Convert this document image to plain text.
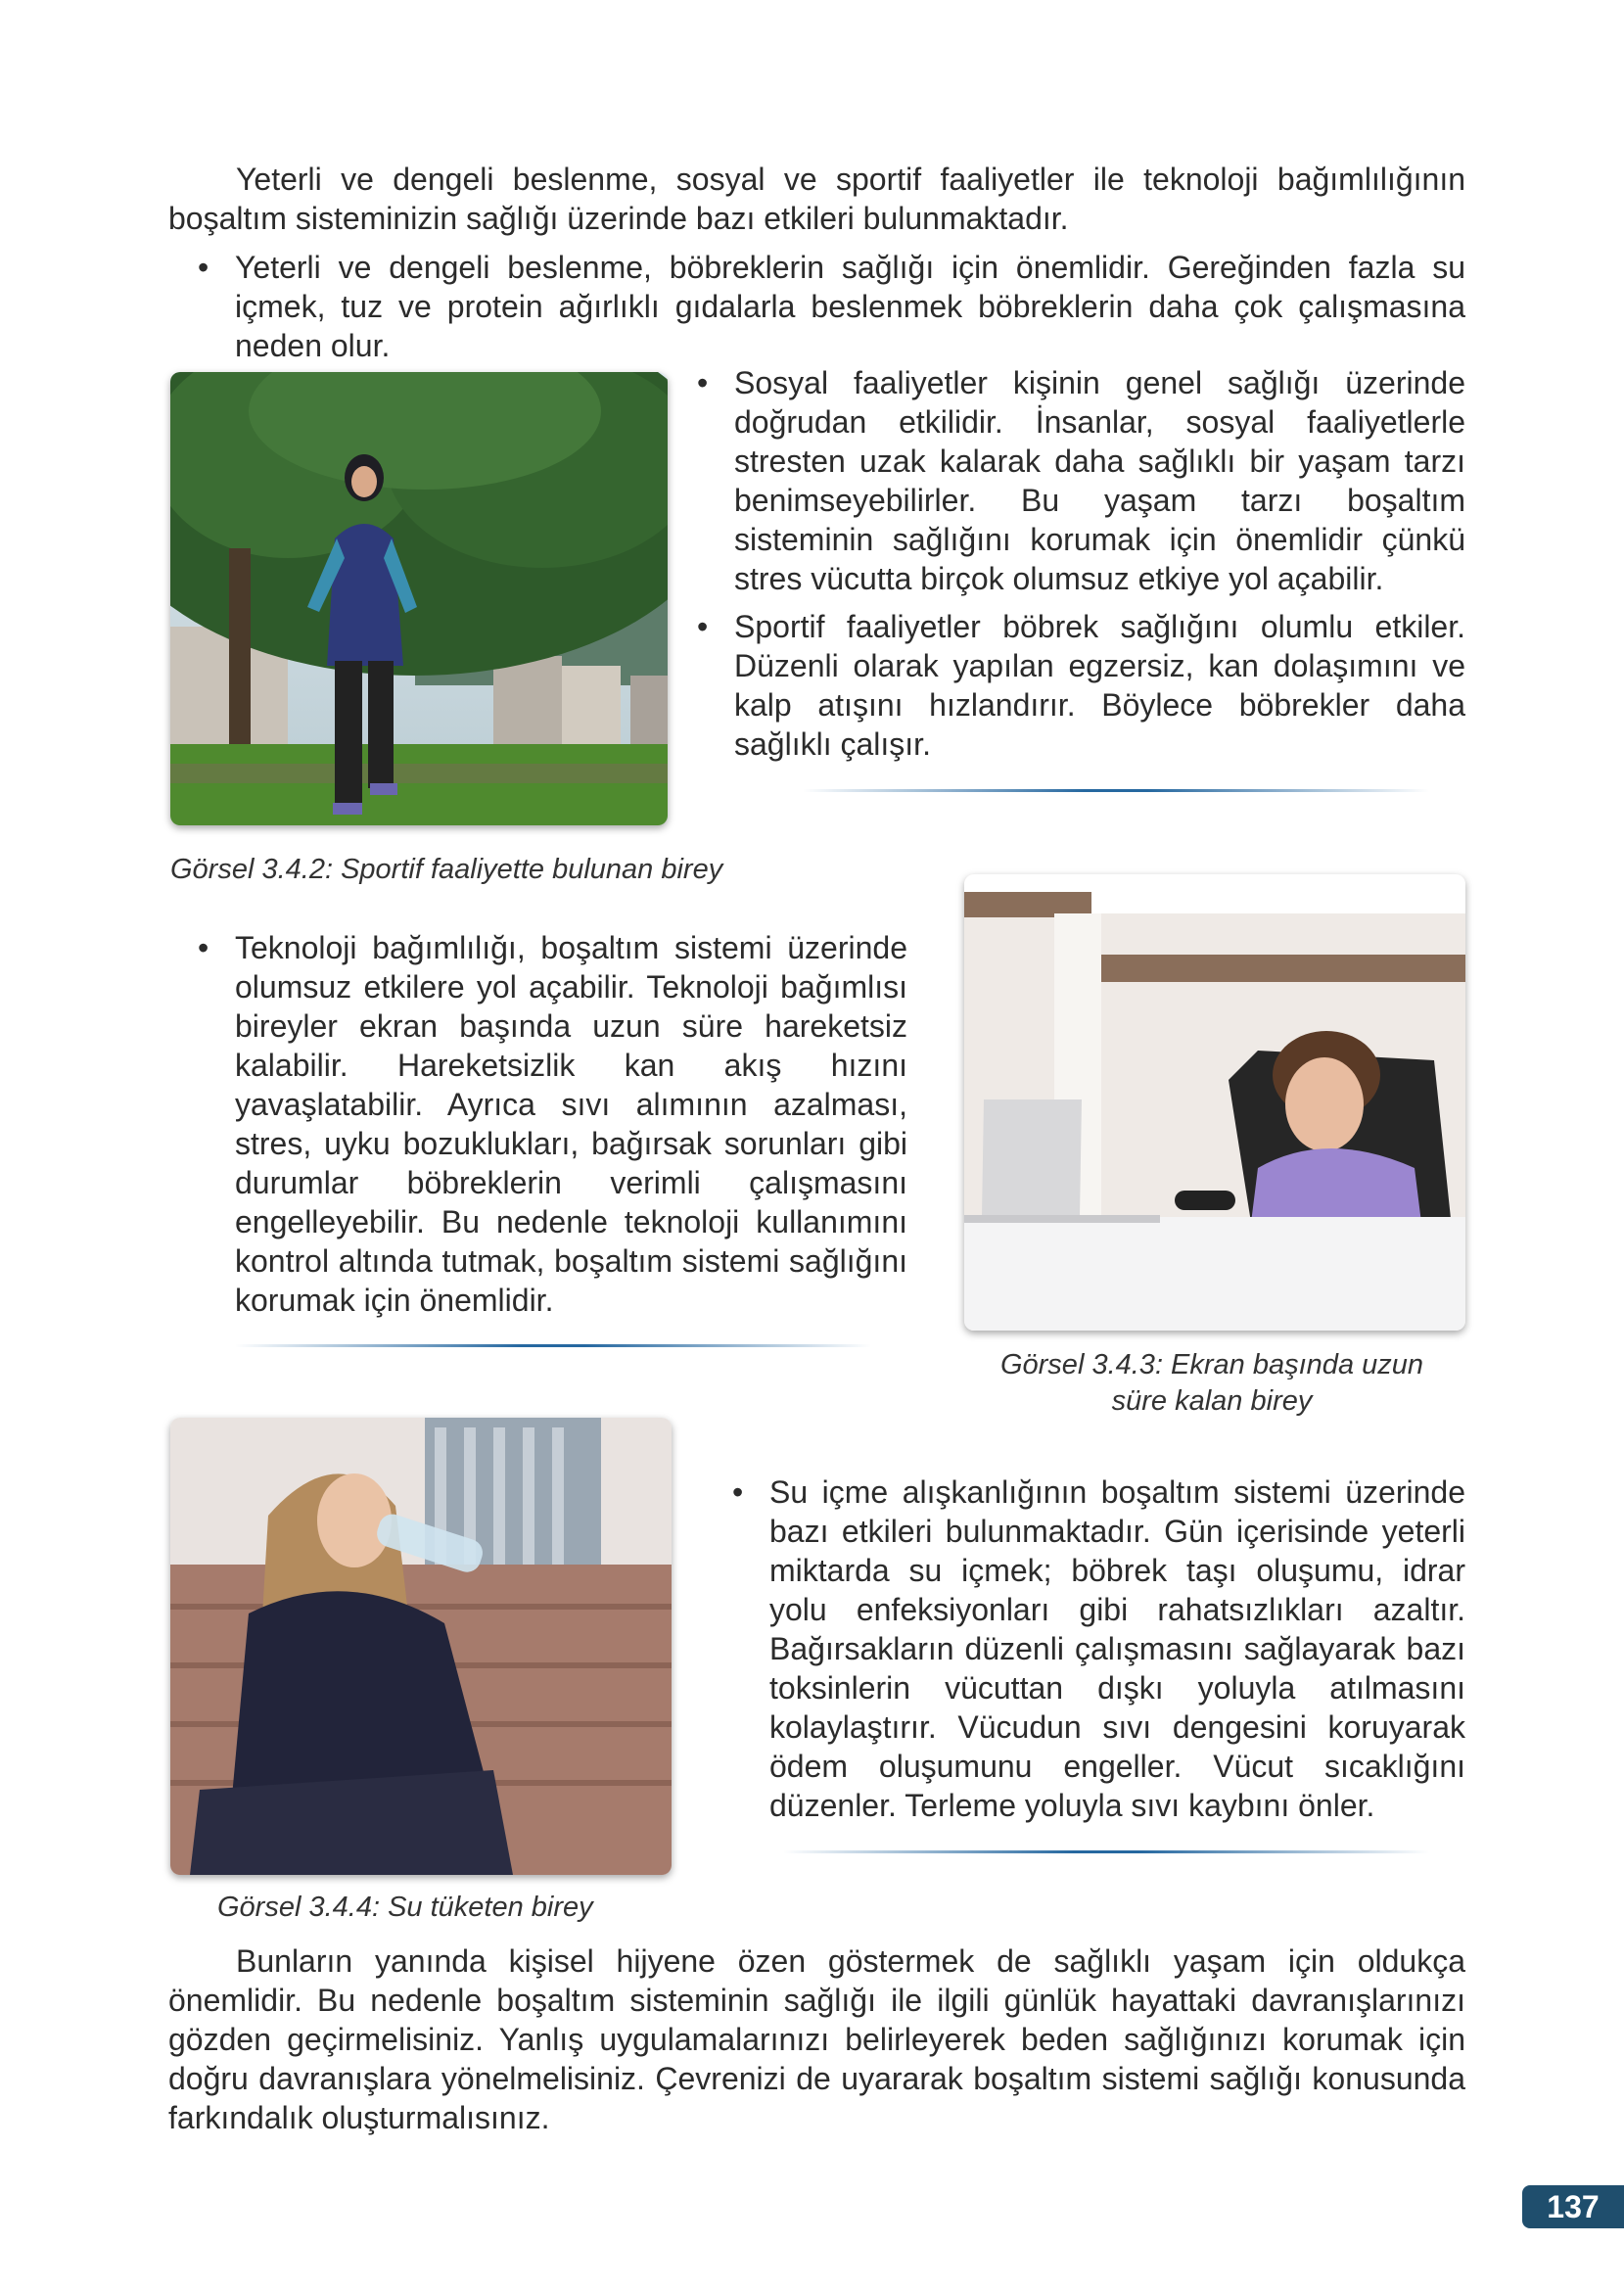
Yeterli ve dengeli beslenme, sosyal ve sportif faaliyetler ile teknoloji bağımlılığının boşaltım sisteminizin sağlığı üzerinde bazı etkileri bulunmaktadır.

• Yeterli ve dengeli beslenme, böbreklerin sağlığı için önemlidir. Gereğinden fazla su içmek, tuz ve protein ağırlıklı gıdalarla beslenmek böbreklerin daha çok çalışmasına neden olur.
• Sosyal faaliyetler kişinin genel sağlığı üzerinde doğrudan etkilidir. İnsanlar, sosyal faaliyetlerle stresten uzak kalarak daha sağlıklı bir yaşam tarzı benimseyebilirler. Bu yaşam tarzı boşaltım sisteminin sağlığını korumak için önemlidir çünkü stres vücutta birçok olumsuz etkiye yol açabilir.
• Sportif faaliyetler böbrek sağlığını olumlu etkiler. Düzenli olarak yapılan egzersiz, kan dolaşımını ve kalp atışını hızlandırır. Böylece böbrekler daha sağlıklı çalışır.

Görsel 3.4.2: Sportif faaliyette bulunan birey

• Teknoloji bağımlılığı, boşaltım sistemi üzerinde olumsuz etkilere yol açabilir. Teknoloji bağımlısı bireyler ekran başında uzun süre hareketsiz kalabilir. Hareketsizlik kan akış hızını yavaşlatabilir. Ayrıca sıvı alımının azalması, stres, uyku bozuklukları, bağırsak sorunları gibi durumlar böbreklerin verimli çalışmasını engelleyebilir. Bu nedenle teknoloji kullanımını kontrol altında tutmak, boşaltım sistemi sağlığını korumak için önemlidir.

Görsel 3.4.3: Ekran başında uzun
süre kalan birey

• Su içme alışkanlığının boşaltım sistemi üzerinde bazı etkileri bulunmaktadır. Gün içerisinde yeterli miktarda su içmek; böbrek taşı oluşumu, idrar yolu enfeksiyonları gibi rahatsızlıkları azaltır. Bağırsakların düzenli çalışmasını sağlayarak bazı toksinlerin vücuttan dışkı yoluyla atılmasını kolaylaştırır. Vücudun sıvı dengesini koruyarak ödem oluşumunu engeller. Vücut sıcaklığını düzenler. Terleme yoluyla sıvı kaybını önler.

Görsel 3.4.4: Su tüketen birey

Bunların yanında kişisel hijyene özen göstermek de sağlıklı yaşam için oldukça önemlidir. Bu nedenle boşaltım sisteminin sağlığı ile ilgili günlük hayattaki davranışlarınızı gözden geçirmelisiniz. Yanlış uygulamalarınızı belirleyerek beden sağlığınızı korumak için doğru davranışlara yönelmelisiniz. Çevrenizi de uyararak boşaltım sistemi sağlığı konusunda farkındalık oluşturmalısınız.

137
